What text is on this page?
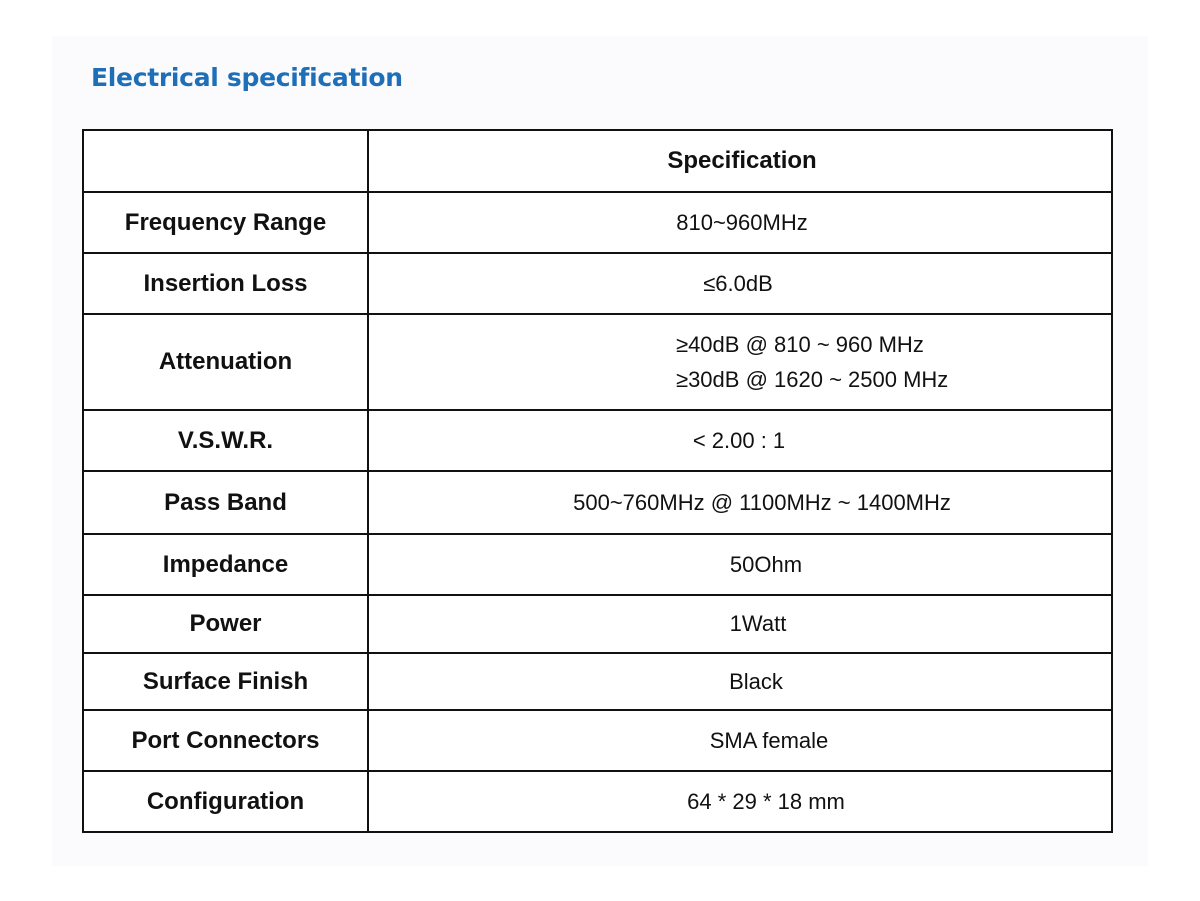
Electrical specification
	Specification
Frequency Range	810~960MHz
Insertion Loss	≤6.0dB
Attenuation	≥40dB @ 810 ~ 960 MHz
≥30dB @ 1620 ~ 2500 MHz

V.S.W.R.	< 2.00 : 1
Pass Band	500~760MHz @ 1100MHz ~ 1400MHz
Impedance	50Ohm
Power	1Watt
Surface Finish	Black
Port Connectors	SMA female
Configuration	64 * 29 * 18 mm
